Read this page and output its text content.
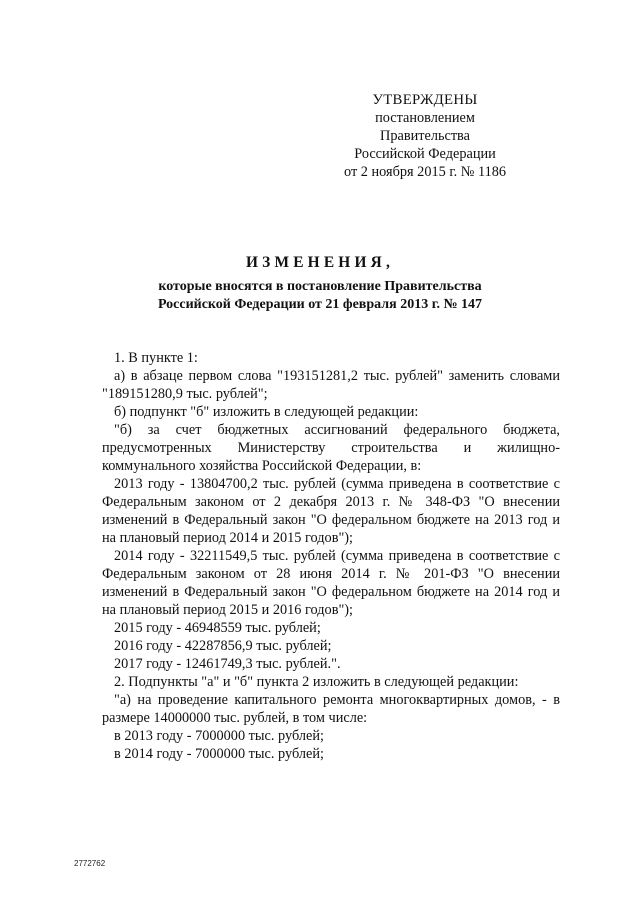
УТВЕРЖДЕНЫ
постановлением Правительства
Российской Федерации
от 2 ноября 2015 г. № 1186
ИЗМЕНЕНИЯ,
которые вносятся в постановление Правительства
Российской Федерации от 21 февраля 2013 г. № 147

1. В пункте 1:

а) в абзаце первом слова "193151281,2 тыс. рублей" заменить словами "189151280,9 тыс. рублей";

б) подпункт "б" изложить в следующей редакции:

"б) за счет бюджетных ассигнований федерального бюджета, предусмотренных Министерству строительства и жилищно-коммунального хозяйства Российской Федерации, в:

2013 году - 13804700,2 тыс. рублей (сумма приведена в соответствие с Федеральным законом от 2 декабря 2013 г. № 348-ФЗ "О внесении изменений в Федеральный закон "О федеральном бюджете на 2013 год и на плановый период 2014 и 2015 годов");

2014 году - 32211549,5 тыс. рублей (сумма приведена в соответствие с Федеральным законом от 28 июня 2014 г. № 201-ФЗ "О внесении изменений в Федеральный закон "О федеральном бюджете на 2014 год и на плановый период 2015 и 2016 годов");

2015 году - 46948559 тыс. рублей;

2016 году - 42287856,9 тыс. рублей;

2017 году - 12461749,3 тыс. рублей.".

2. Подпункты "а" и "б" пункта 2 изложить в следующей редакции:

"а) на проведение капитального ремонта многоквартирных домов, - в размере 14000000 тыс. рублей, в том числе:

в 2013 году - 7000000 тыс. рублей;

в 2014 году - 7000000 тыс. рублей;

2772762
